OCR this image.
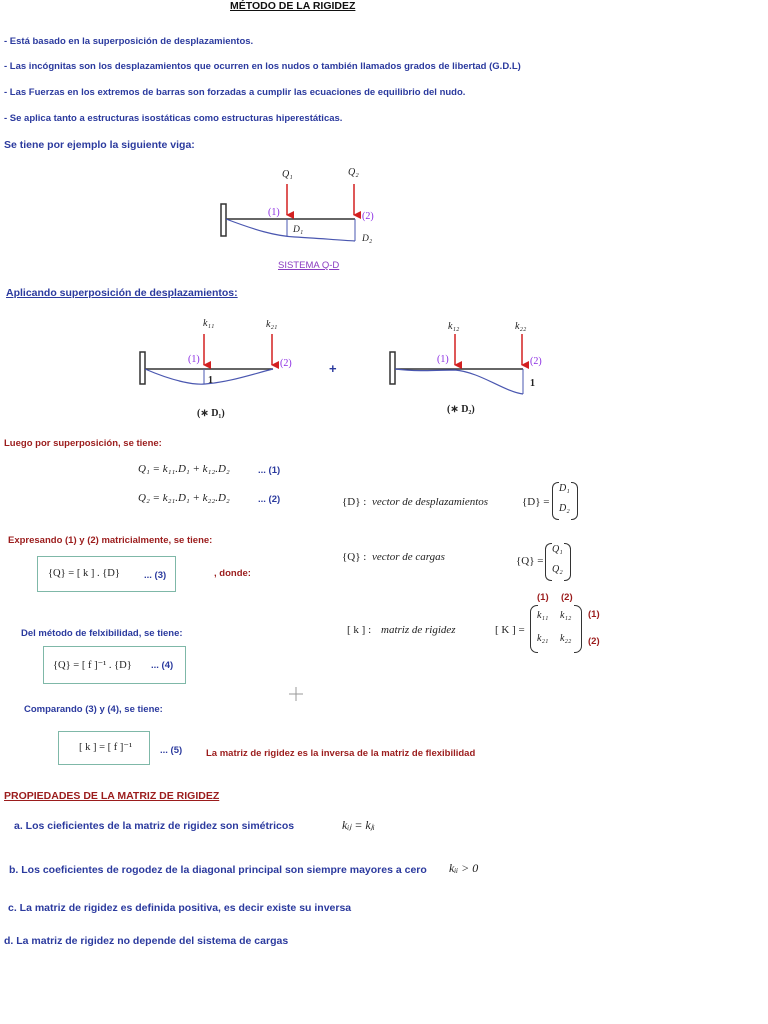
MÉTODO DE LA RIGIDEZ
- Está basado en la superposición de desplazamientos.
- Las incógnitas son los desplazamientos que ocurren en los nudos o también llamados grados de libertad (G.D.L)
- Las Fuerzas en los extremos de barras son forzadas a cumplir las ecuaciones de equilibrio del nudo.
- Se aplica tanto a estructuras isostáticas como estructuras hiperestáticas.
Se tiene por ejemplo la siguiente viga:
Q₁	Q₂
(1)	(2)
D₁
D₂
SISTEMA Q-D
Aplicando superposición de desplazamientos:
k₁₁	k₂₁
(1)	(2)
1
(∗ D₁)
+
k₁₂	k₂₂
(1)	(2)
1
(∗ D₂)
Luego por superposición, se tiene:
Q₁ = k₁₁.D₁ + k₁₂.D₂	... (1)
Q₂ = k₂₁.D₁ + k₂₂.D₂	... (2)	{D} : vector de desplazamientos	{D} =
D₁
D₂
Expresando (1) y (2) matricialmente, se tiene:
{Q} : vector de cargas	{Q} =
Q₁
Q₂
{Q} = [ k ] . {D}	... (3)	, donde:
(1) (2)
[ k ] : matriz de rigidez	[ K ] =
k₁₁ k₁₂
k₂₁ k₂₂
(1)
(2)
Del método de felxibilidad, se tiene:
{Q} = [ f ]⁻¹ . {D} ... (4)
Comparando (3) y (4), se tiene:
[ k ] = [ f ]⁻¹	... (5)	La matriz de rigidez es la inversa de la matriz de flexibilidad
PROPIEDADES DE LA MATRIZ DE RIGIDEZ
a. Los cieficientes de la matriz de rigidez son simétricos	kᵢⱼ = kⱼᵢ
b. Los coeficientes de rogodez de la diagonal principal son siempre mayores a cero kᵢᵢ > 0
c. La matriz de rigidez es definida positiva, es decir existe su inversa
d. La matriz de rigidez no depende del sistema de cargas
